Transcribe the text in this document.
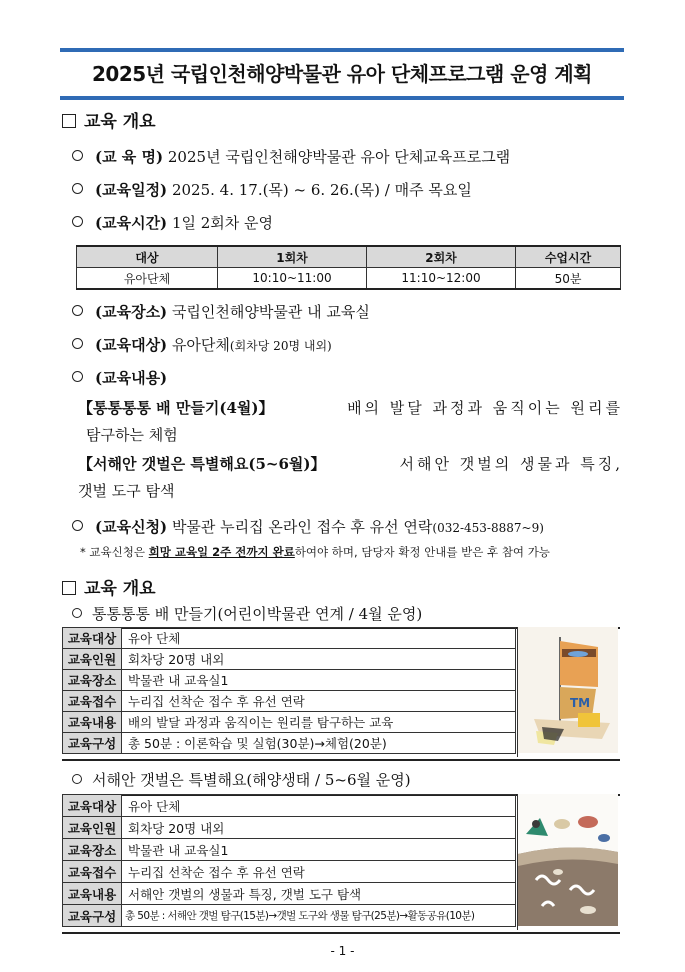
2025년 국립인천해양박물관 유아 단체프로그램 운영 계획
교육 개요
(교 육 명) 2025년 국립인천해양박물관 유아 단체교육프로그램
(교육일정) 2025. 4. 17.(목) ~ 6. 26.(목) / 매주 목요일
(교육시간) 1일 2회차 운영
대상	1회차	2회차	수업시간
유아단체	10:10~11:00	11:10~12:00	50분
(교육장소) 국립인천해양박물관 내 교육실
(교육대상) 유아단체(회차당 20명 내외)
(교육내용)
【통통통통 배 만들기(4월)】	배의 발달 과정과 움직이는 원리를
탐구하는 체험
【서해안 갯벌은 특별해요(5~6월)】	서해안 갯벌의 생물과 특징,
갯벌 도구 탐색
(교육신청) 박물관 누리집 온라인 접수 후 유선 연락(032-453-8887~9)
* 교육신청은 희망 교육일 2주 전까지 완료하여야 하며, 담당자 확정 안내를 받은 후 참여 가능
교육 개요
통통통통 배 만들기(어린이박물관 연계 / 4월 운영)
교육대상	유아 단체
교육인원	회차당 20명 내외
교육장소	박물관 내 교육실1
교육접수	누리집 선착순 접수 후 유선 연락
교육내용	배의 발달 과정과 움직이는 원리를 탐구하는 교육
교육구성	총 50분 : 이론학습 및 실험(30분)→체험(20분)
TM
서해안 갯벌은 특별해요(해양생태 / 5~6월 운영)
교육대상	유아 단체
교육인원	회차당 20명 내외
교육장소	박물관 내 교육실1
교육접수	누리집 선착순 접수 후 유선 연락
교육내용	서해안 갯벌의 생물과 특징, 갯벌 도구 탐색
교육구성	총 50분 : 서해안 갯벌 탐구(15분)→갯벌 도구와 생물 탐구(25분)→활동공유(10분)
- 1 -
